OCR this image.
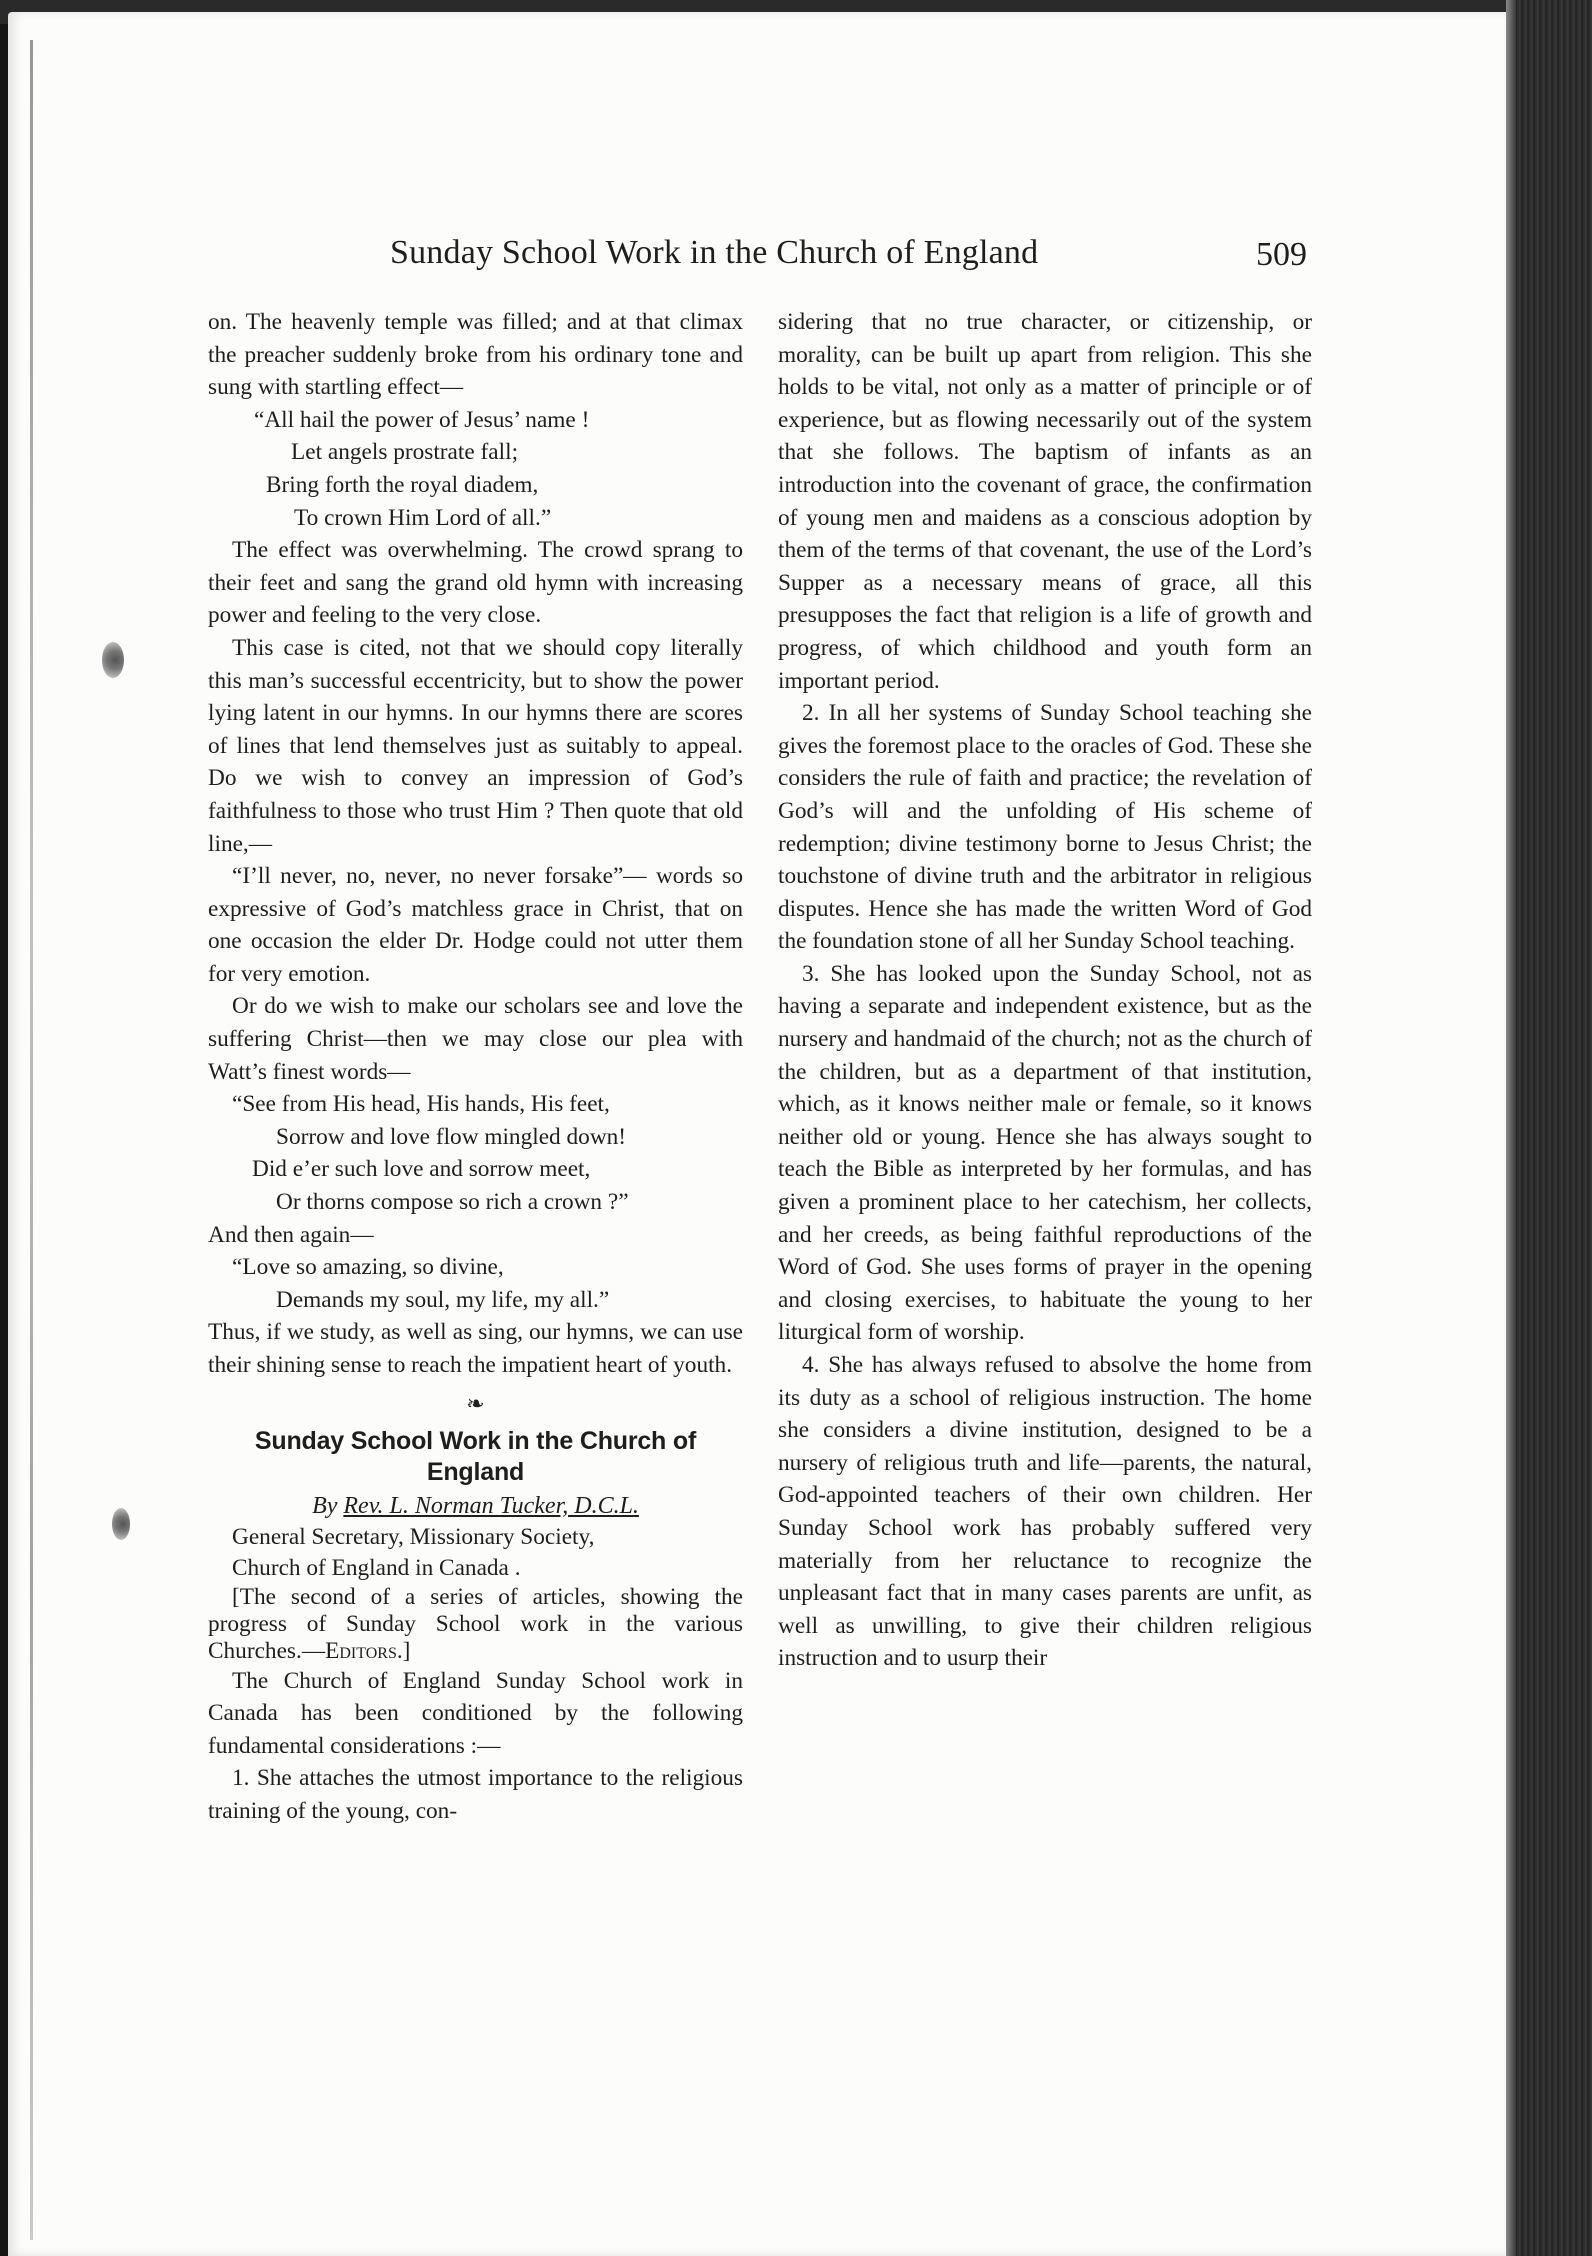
Sunday School Work in the Church of England	509

on. The heavenly temple was filled; and at that climax the preacher suddenly broke from his ordinary tone and sung with startling effect—

“All hail the power of Jesus’ name !
Let angels prostrate fall;
Bring forth the royal diadem,
To crown Him Lord of all.”

The effect was overwhelming. The crowd sprang to their feet and sang the grand old hymn with increasing power and feeling to the very close.

This case is cited, not that we should copy literally this man’s successful eccentricity, but to show the power lying latent in our hymns. In our hymns there are scores of lines that lend themselves just as suitably to appeal. Do we wish to convey an impression of God’s faithfulness to those who trust Him ? Then quote that old line,—

“I’ll never, no, never, no never forsake”— words so expressive of God’s matchless grace in Christ, that on one occasion the elder Dr. Hodge could not utter them for very emotion.

Or do we wish to make our scholars see and love the suffering Christ—then we may close our plea with Watt’s finest words—

“See from His head, His hands, His feet,
Sorrow and love flow mingled down!
Did e’er such love and sorrow meet,
Or thorns compose so rich a crown ?”

And then again—

“Love so amazing, so divine,
Demands my soul, my life, my all.”

Thus, if we study, as well as sing, our hymns, we can use their shining sense to reach the impatient heart of youth.

❧
Sunday School Work in the Church of England
By Rev. L. Norman Tucker, D.C.L.

General Secretary, Missionary Society,

Church of England in Canada .

[The second of a series of articles, showing the progress of Sunday School work in the various Churches.—Editors.]

The Church of England Sunday School work in Canada has been conditioned by the following fundamental considerations :—

1. She attaches the utmost importance to the religious training of the young, con-

sidering that no true character, or citizenship, or morality, can be built up apart from religion. This she holds to be vital, not only as a matter of principle or of experience, but as flowing necessarily out of the system that she follows. The baptism of infants as an introduction into the covenant of grace, the confirmation of young men and maidens as a conscious adoption by them of the terms of that covenant, the use of the Lord’s Supper as a necessary means of grace, all this presupposes the fact that religion is a life of growth and progress, of which childhood and youth form an important period.

2. In all her systems of Sunday School teaching she gives the foremost place to the oracles of God. These she considers the rule of faith and practice; the revelation of God’s will and the unfolding of His scheme of redemption; divine testimony borne to Jesus Christ; the touchstone of divine truth and the arbitrator in religious disputes. Hence she has made the written Word of God the foundation stone of all her Sunday School teaching.

3. She has looked upon the Sunday School, not as having a separate and independent existence, but as the nursery and handmaid of the church; not as the church of the children, but as a department of that institution, which, as it knows neither male or female, so it knows neither old or young. Hence she has always sought to teach the Bible as interpreted by her formulas, and has given a prominent place to her catechism, her collects, and her creeds, as being faithful reproductions of the Word of God. She uses forms of prayer in the opening and closing exercises, to habituate the young to her liturgical form of worship.

4. She has always refused to absolve the home from its duty as a school of religious instruction. The home she considers a divine institution, designed to be a nursery of religious truth and life—parents, the natural, God-appointed teachers of their own children. Her Sunday School work has probably suffered very materially from her reluctance to recognize the unpleasant fact that in many cases parents are unfit, as well as unwilling, to give their children religious instruction and to usurp their
